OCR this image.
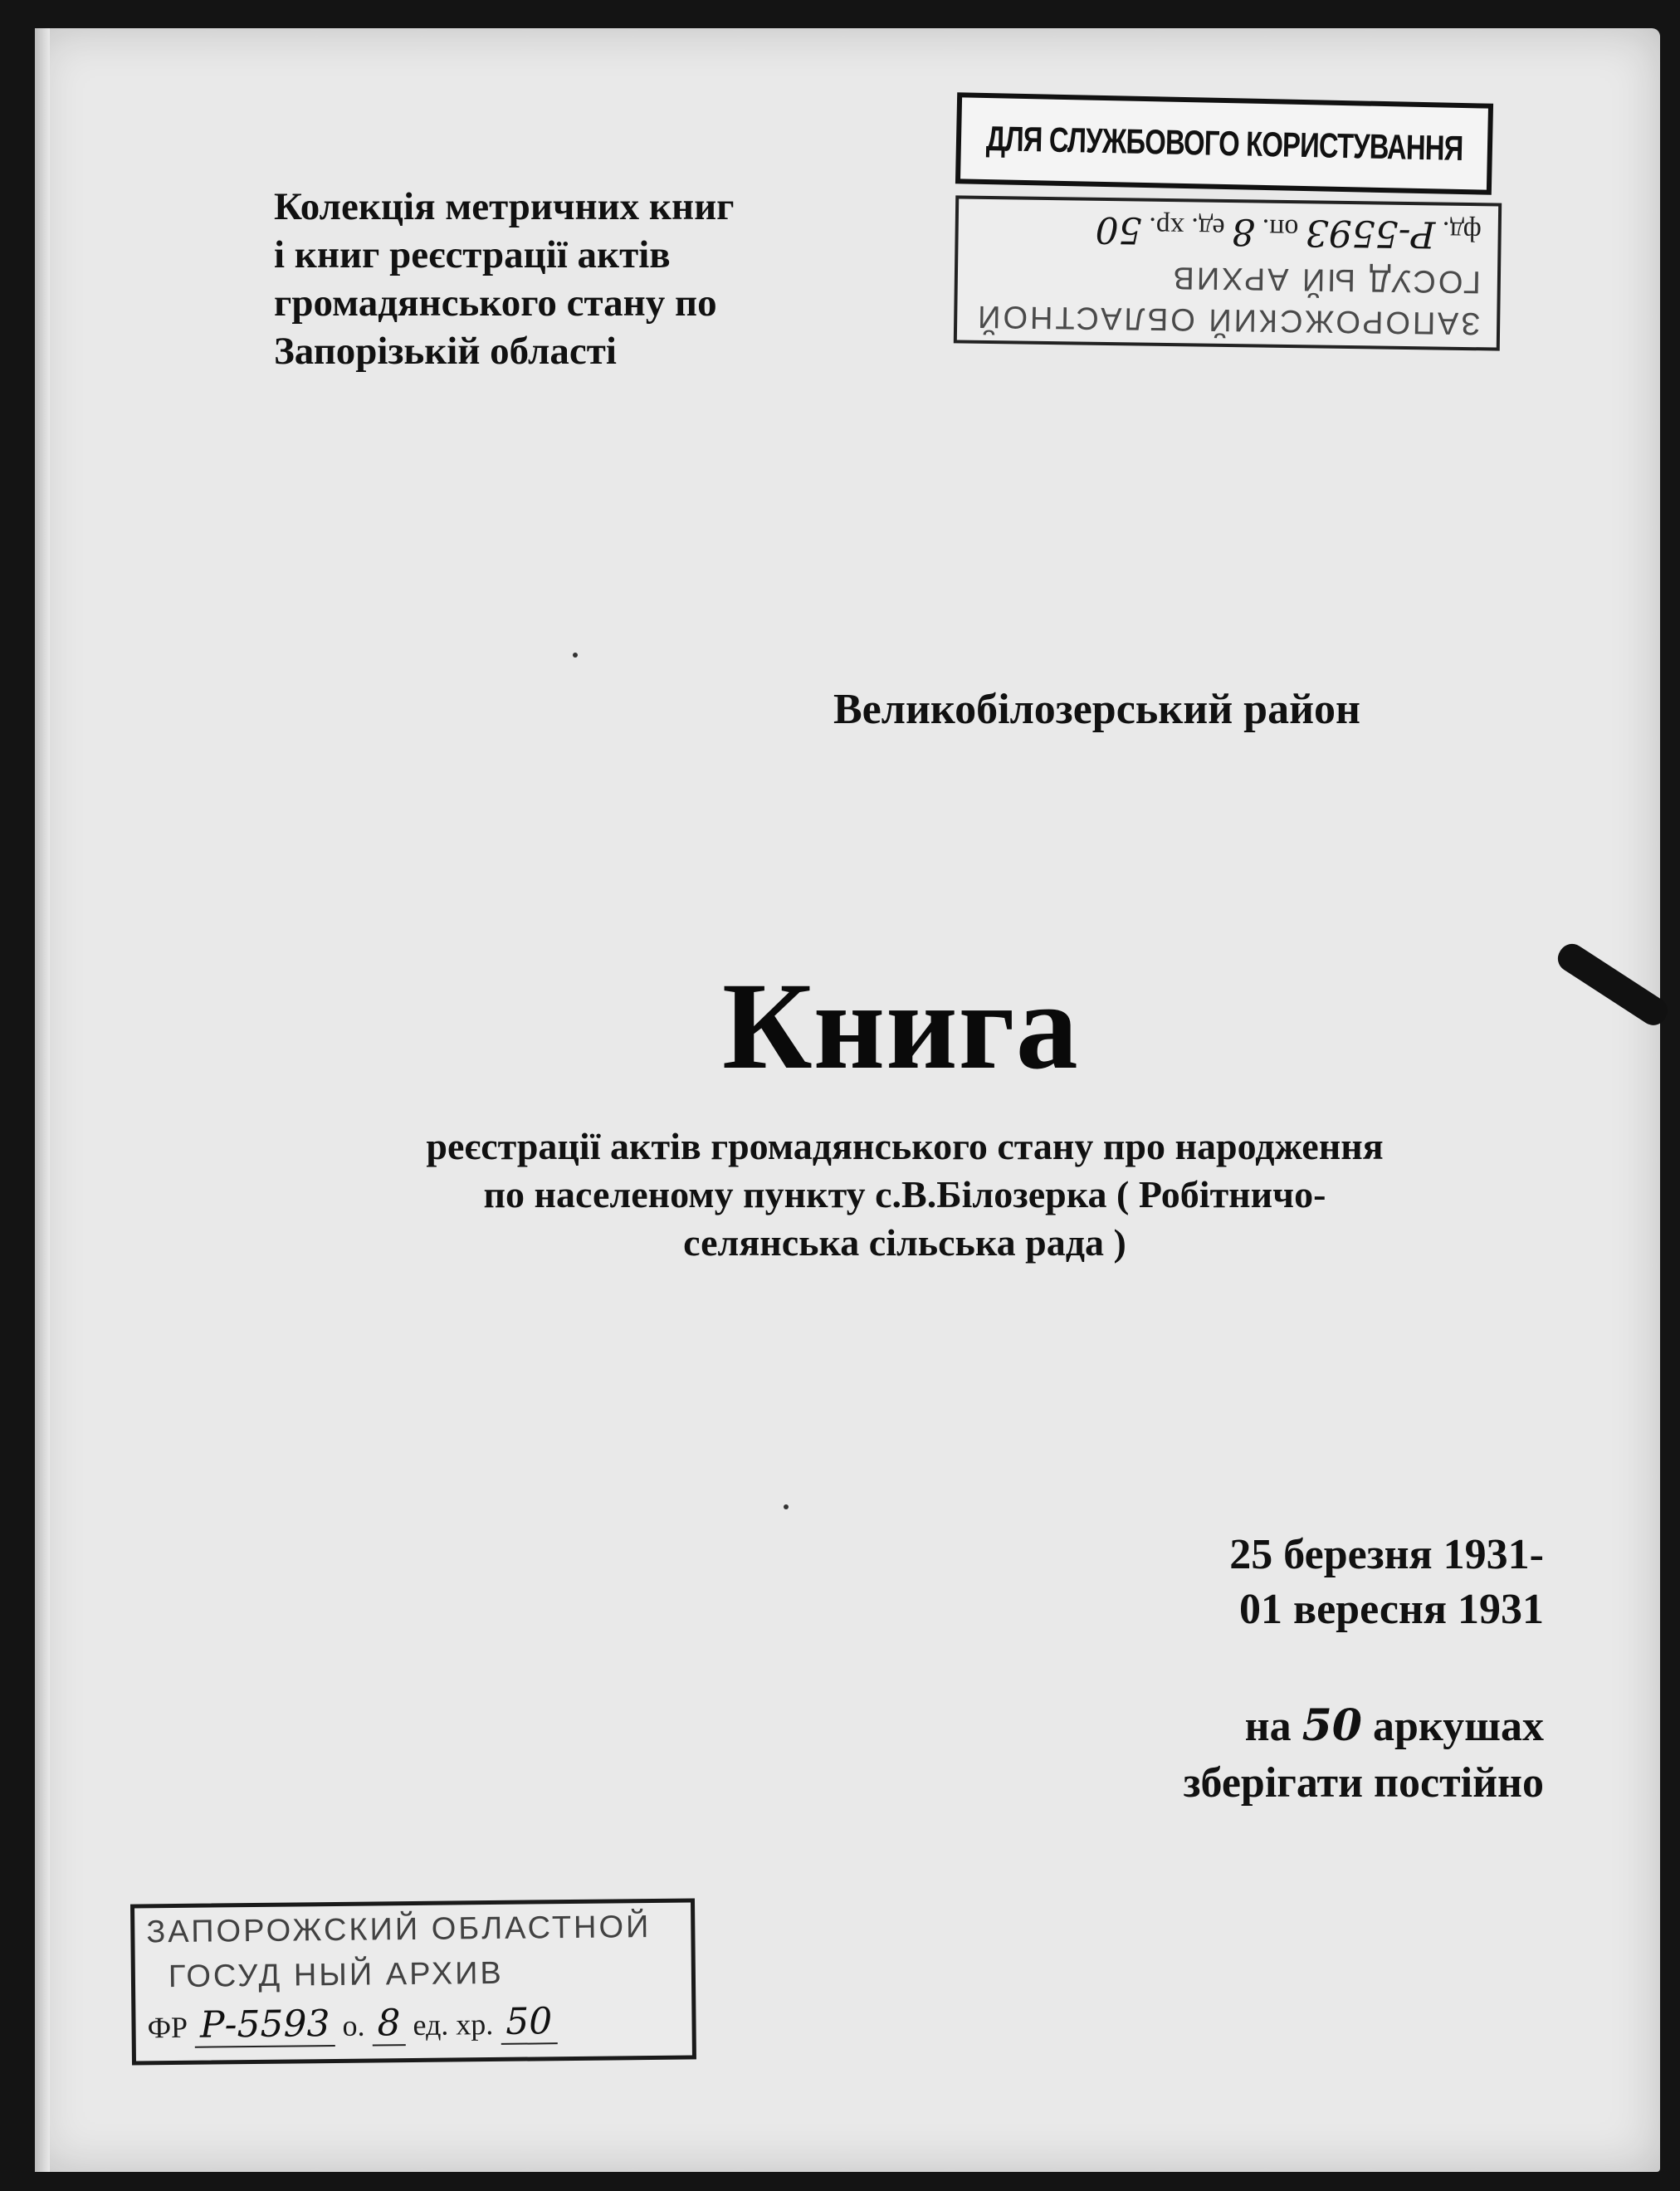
Колекція метричних книг
і книг реєстрації актів
громадянського стану по
Запорізькій області
ДЛЯ СЛУЖБОВОГО КОРИСТУВАННЯ
ЗАПОРОЖСКИЙ ОБЛАСТНОЙ
ГОСУД ЫЙ АРХИВ
фд. Р-5593 оп. 8 ед. хр. 50
Великобілозерський район
Книга
реєстрації актів громадянського стану про народження
по населеному пункту с.В.Білозерка ( Робітничо-
селянська сільська рада )
25 березня 1931-
01 вересня 1931
на 50 аркушах
зберігати постійно
ЗАПОРОЖСКИЙ ОБЛАСТНОЙ
ГОСУД НЫЙ АРХИВ
ФР Р-5593 о. 8 ед. хр. 50
